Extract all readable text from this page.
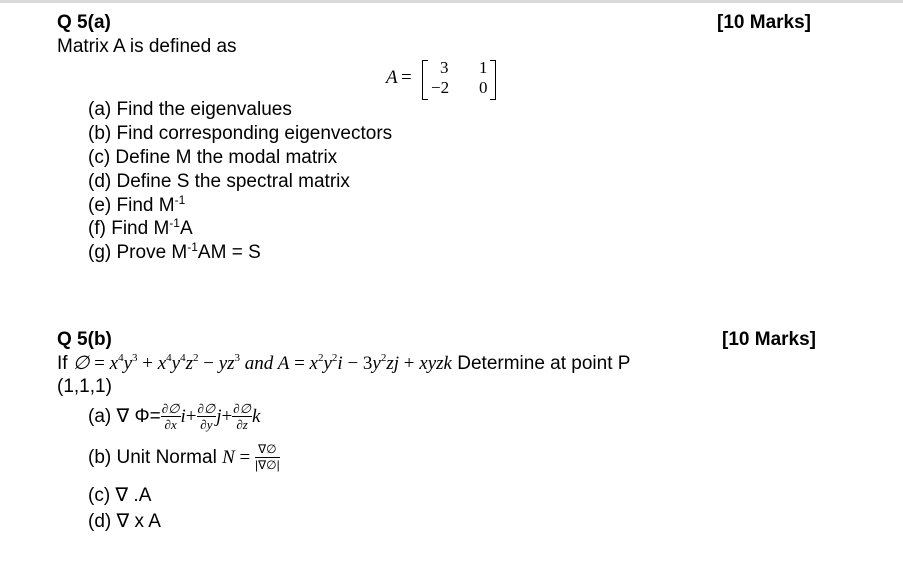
Q 5(a)	[10 Marks]
Matrix A is defined as
A = 3 1
−2 0
(a) Find the eigenvalues
(b) Find corresponding eigenvectors
(c) Define M the modal matrix
(d) Define S the spectral matrix
(e) Find $M^{-1}$
(f) Find $M^{-1}A$
(g) Prove $M^{-1}AM = S$
Q 5(b)	[10 Marks]
If ∅ = $x^4y^3 + x^4y^4z^2 - yz^3$ and $A = x^2y^2i - 3y^2zj$ + xyzk Determine at point P
(1,1,1)
(a) ∇ $\Phi= \frac{\partial\emptyset}{\partial x} i+ \frac{\partial\emptyset}{\partial y} j+ \frac{\partial\emptyset}{\partial z}$ k
(b) Unit Normal $N = \frac{\nabla\emptyset}{|\nabla\emptyset|}$
(c) ∇ .A
(d) ∇ x A
